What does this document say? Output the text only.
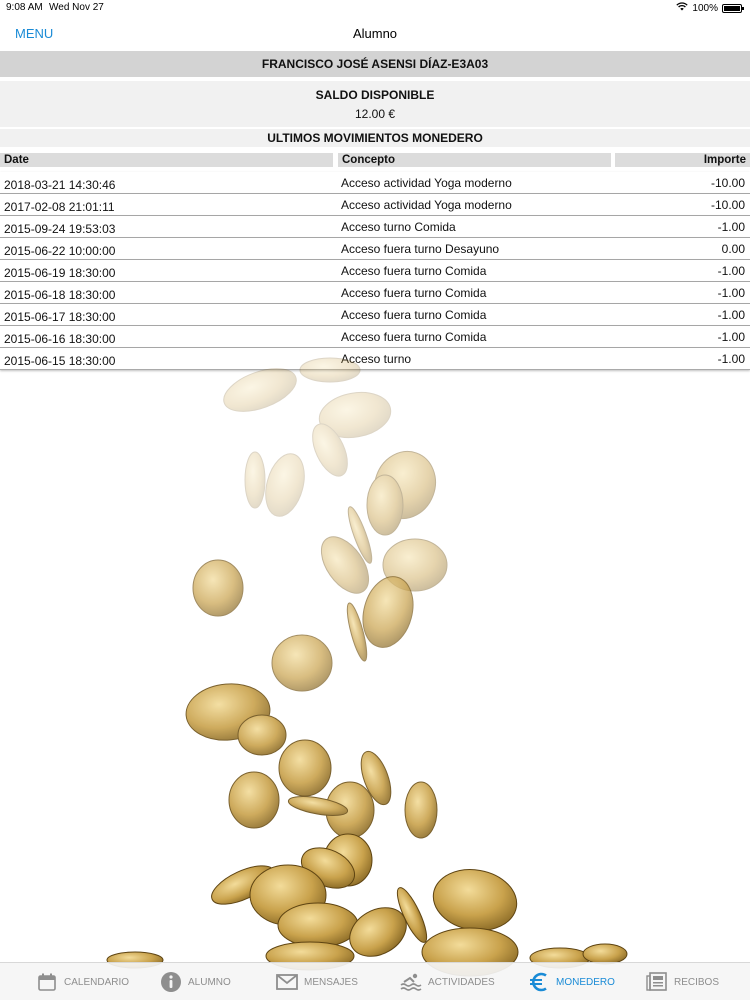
9:08 AM Wed Nov 27	100%
MENU	Alumno
FRANCISCO JOSÉ ASENSI DÍAZ-E3A03
SALDO DISPONIBLE
12.00 €
ULTIMOS MOVIMIENTOS MONEDERO
Date	Concepto	Importe
2018-03-21 14:30:46	Acceso actividad Yoga moderno	-10.00
2017-02-08 21:01:11	Acceso actividad Yoga moderno	-10.00
2015-09-24 19:53:03	Acceso turno Comida	-1.00
2015-06-22 10:00:00	Acceso fuera turno Desayuno	0.00
2015-06-19 18:30:00	Acceso fuera turno Comida	-1.00
2015-06-18 18:30:00	Acceso fuera turno Comida	-1.00
2015-06-17 18:30:00	Acceso fuera turno Comida	-1.00
2015-06-16 18:30:00	Acceso fuera turno Comida	-1.00
2015-06-15 18:30:00	Acceso turno	-1.00
CALENDARIO	ALUMNO	MENSAJES	ACTIVIDADES	MONEDERO	RECIBOS
